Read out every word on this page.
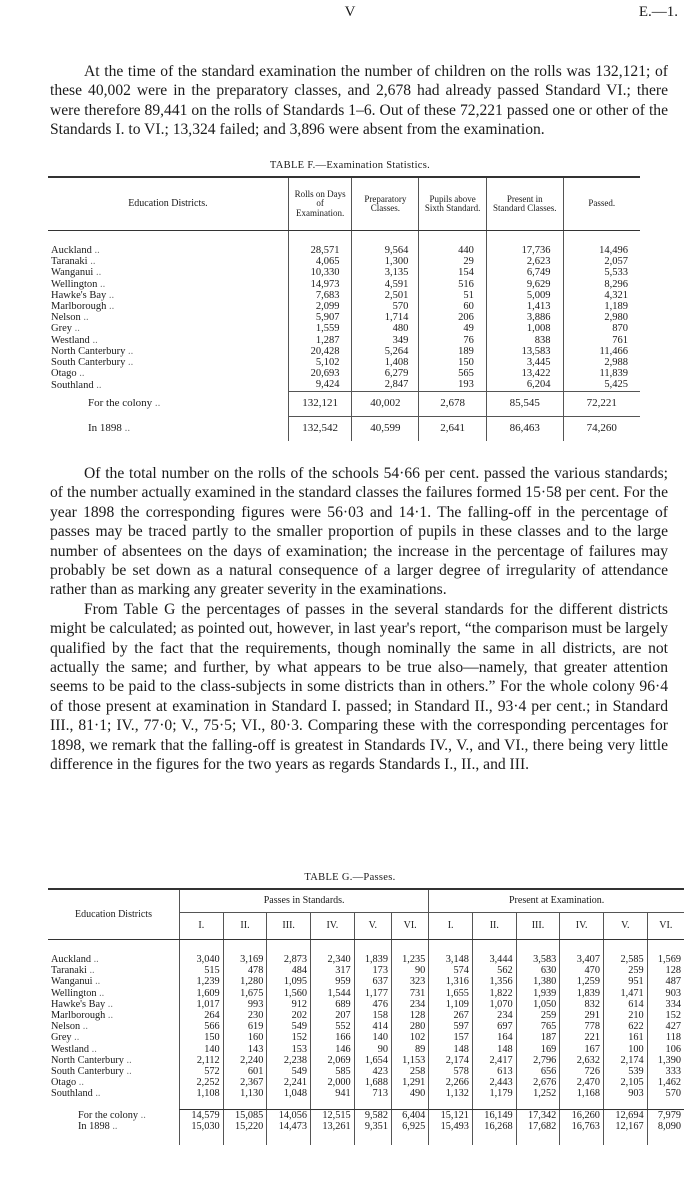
V	E.—1.

At the time of the standard examination the number of children on the rolls was 132,121; of these 40,002 were in the preparatory classes, and 2,678 had already passed Standard VI.; there were therefore 89,441 on the rolls of Standards 1–6. Out of these 72,221 passed one or other of the Standards I. to VI.; 13,324 failed; and 3,896 were absent from the examination.

TABLE F.—Examination Statistics.
Education Districts.	Rolls on Days of Examination.	Preparatory Classes.	Pupils above Sixth Standard.	Present in Standard Classes.	Passed.

Auckland ..	28,571	9,564	440	17,736	14,496
Taranaki ..	4,065	1,300	29	2,623	2,057
Wanganui ..	10,330	3,135	154	6,749	5,533
Wellington ..	14,973	4,591	516	9,629	8,296
Hawke's Bay ..	7,683	2,501	51	5,009	4,321
Marlborough ..	2,099	570	60	1,413	1,189
Nelson ..	5,907	1,714	206	3,886	2,980
Grey ..	1,559	480	49	1,008	870
Westland ..	1,287	349	76	838	761
North Canterbury ..	20,428	5,264	189	13,583	11,466
South Canterbury ..	5,102	1,408	150	3,445	2,988
Otago ..	20,693	6,279	565	13,422	11,839
Southland ..	9,424	2,847	193	6,204	5,425
For the colony ..	132,121	40,002	2,678	85,545	72,221
In 1898 ..	132,542	40,599	2,641	86,463	74,260

Of the total number on the rolls of the schools 54·66 per cent. passed the various standards; of the number actually examined in the standard classes the failures formed 15·58 per cent. For the year 1898 the corresponding figures were 56·03 and 14·1. The falling-off in the percentage of passes may be traced partly to the smaller proportion of pupils in these classes and to the large number of absentees on the days of examination; the increase in the percentage of failures may probably be set down as a natural consequence of a larger degree of irregularity of attendance rather than as marking any greater severity in the examinations.

From Table G the percentages of passes in the several standards for the different districts might be calculated; as pointed out, however, in last year's report, “the comparison must be largely qualified by the fact that the requirements, though nominally the same in all districts, are not actually the same; and further, by what appears to be true also—namely, that greater attention seems to be paid to the class-subjects in some districts than in others.” For the whole colony 96·4 of those present at examination in Standard I. passed; in Standard II., 93·4 per cent.; in Standard III., 81·1; IV., 77·0; V., 75·5; VI., 80·3. Comparing these with the corresponding percentages for 1898, we remark that the falling-off is greatest in Standards IV., V., and VI., there being very little difference in the figures for the two years as regards Standards I., II., and III.

TABLE G.—Passes.
Education Districts	Passes in Standards.						Present at Examination.					
	I.	II.	III.	IV.	V.	VI.	I.	II.	III.	IV.	V.	VI.

Auckland ..	3,040	3,169	2,873	2,340	1,839	1,235	3,148	3,444	3,583	3,407	2,585	1,569
Taranaki ..	515	478	484	317	173	90	574	562	630	470	259	128
Wanganui ..	1,239	1,280	1,095	959	637	323	1,316	1,356	1,380	1,259	951	487
Wellington ..	1,609	1,675	1,560	1,544	1,177	731	1,655	1,822	1,939	1,839	1,471	903
Hawke's Bay ..	1,017	993	912	689	476	234	1,109	1,070	1,050	832	614	334
Marlborough ..	264	230	202	207	158	128	267	234	259	291	210	152
Nelson ..	566	619	549	552	414	280	597	697	765	778	622	427
Grey ..	150	160	152	166	140	102	157	164	187	221	161	118
Westland ..	140	143	153	146	90	89	148	148	169	167	100	106
North Canterbury ..	2,112	2,240	2,238	2,069	1,654	1,153	2,174	2,417	2,796	2,632	2,174	1,390
South Canterbury ..	572	601	549	585	423	258	578	613	656	726	539	333
Otago ..	2,252	2,367	2,241	2,000	1,688	1,291	2,266	2,443	2,676	2,470	2,105	1,462
Southland ..	1,108	1,130	1,048	941	713	490	1,132	1,179	1,252	1,168	903	570

For the colony ..	14,579	15,085	14,056	12,515	9,582	6,404	15,121	16,149	17,342	16,260	12,694	7,979
In 1898 ..	15,030	15,220	14,473	13,261	9,351	6,925	15,493	16,268	17,682	16,763	12,167	8,090
